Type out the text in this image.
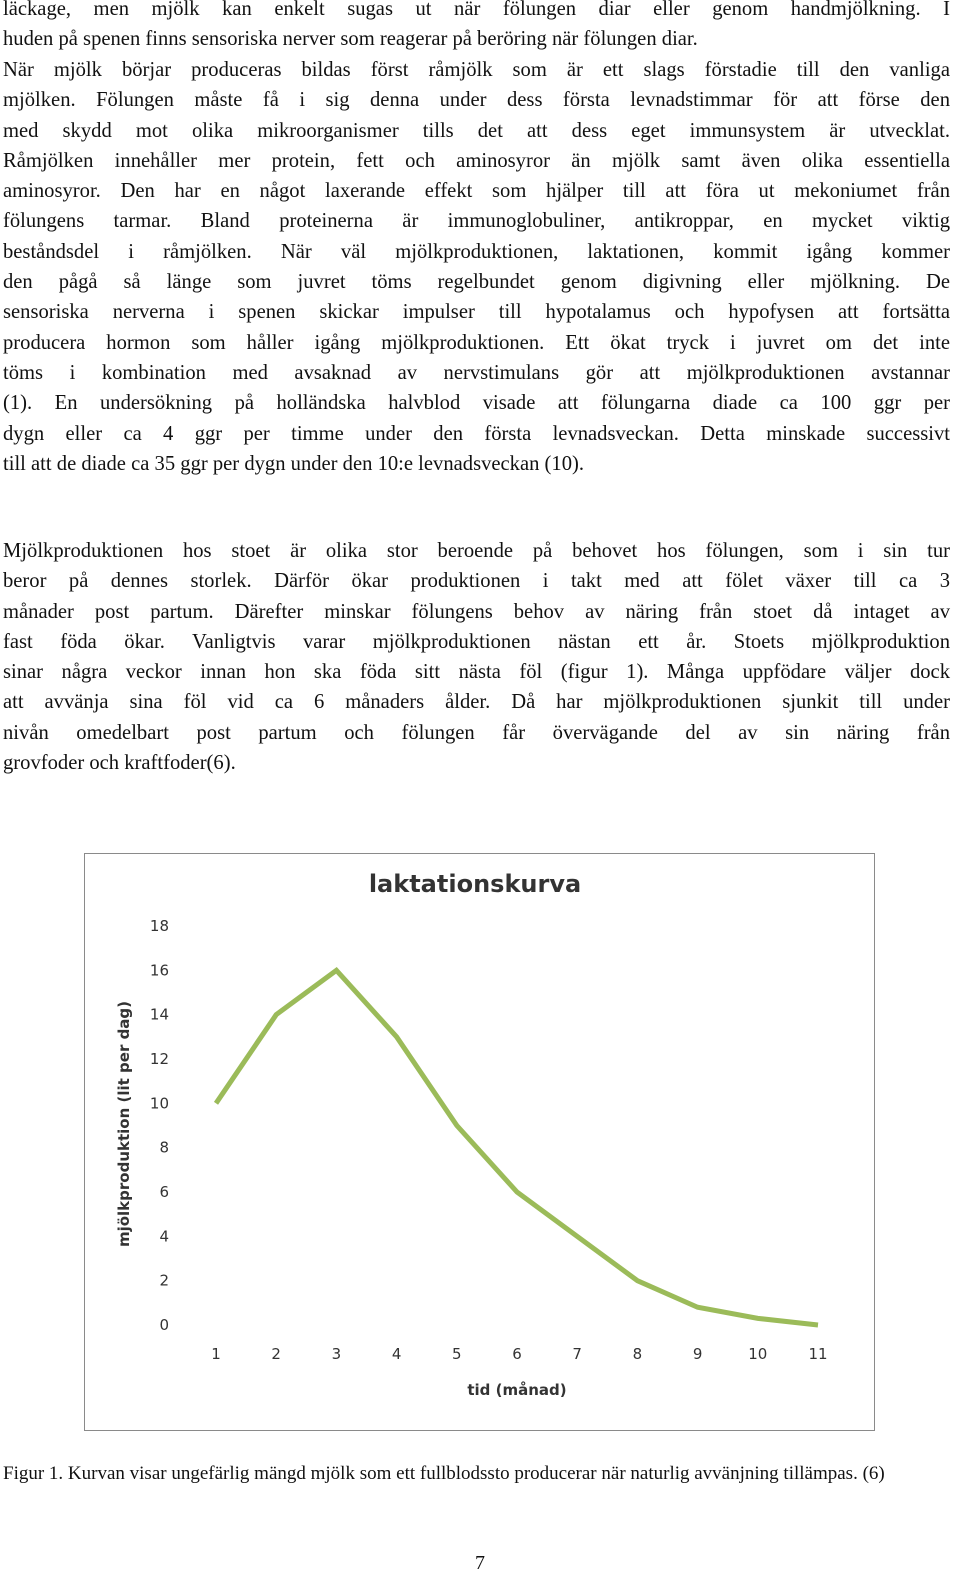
läckage, men mjölk kan enkelt sugas ut när fölungen diar eller genom handmjölkning. I
huden på spenen finns sensoriska nerver som reagerar på beröring när fölungen diar.

När mjölk börjar produceras bildas först råmjölk som är ett slags förstadie till den vanliga
mjölken. Fölungen måste få i sig denna under dess första levnadstimmar för att förse den
med skydd mot olika mikroorganismer tills det att dess eget immunsystem är utvecklat.
Råmjölken innehåller mer protein, fett och aminosyror än mjölk samt även olika essentiella
aminosyror. Den har en något laxerande effekt som hjälper till att föra ut mekoniumet från
fölungens tarmar. Bland proteinerna är immunoglobuliner, antikroppar, en mycket viktig
beståndsdel i råmjölken. När väl mjölkproduktionen, laktationen, kommit igång kommer
den pågå så länge som juvret töms regelbundet genom digivning eller mjölkning. De
sensoriska nerverna i spenen skickar impulser till hypotalamus och hypofysen att fortsätta
producera hormon som håller igång mjölkproduktionen. Ett ökat tryck i juvret om det inte
töms i kombination med avsaknad av nervstimulans gör att mjölkproduktionen avstannar
(1). En undersökning på holländska halvblod visade att fölungarna diade ca 100 ggr per
dygn eller ca 4 ggr per timme under den första levnadsveckan. Detta minskade successivt
till att de diade ca 35 ggr per dygn under den 10:e levnadsveckan (10).

Mjölkproduktionen hos stoet är olika stor beroende på behovet hos fölungen, som i sin tur
beror på dennes storlek. Därför ökar produktionen i takt med att fölet växer till ca 3
månader post partum. Därefter minskar fölungens behov av näring från stoet då intaget av
fast föda ökar. Vanligtvis varar mjölkproduktionen nästan ett år. Stoets mjölkproduktion
sinar några veckor innan hon ska föda sitt nästa föl (figur 1). Många uppfödare väljer dock
att avvänja sina föl vid ca 6 månaders ålder. Då har mjölkproduktionen sjunkit till under
nivån omedelbart post partum och fölungen får övervägande del av sin näring från
grovfoder och kraftfoder(6).

laktationskurva
mjölkproduktion (lit per dag)
tid (månad)
0
2
4
6
8
10
12
14
16
18
1	2	3	4	5	6	7	8	9	10	11

Figur 1. Kurvan visar ungefärlig mängd mjölk som ett fullblodssto producerar när naturlig avvänjning tillämpas. (6)

7
